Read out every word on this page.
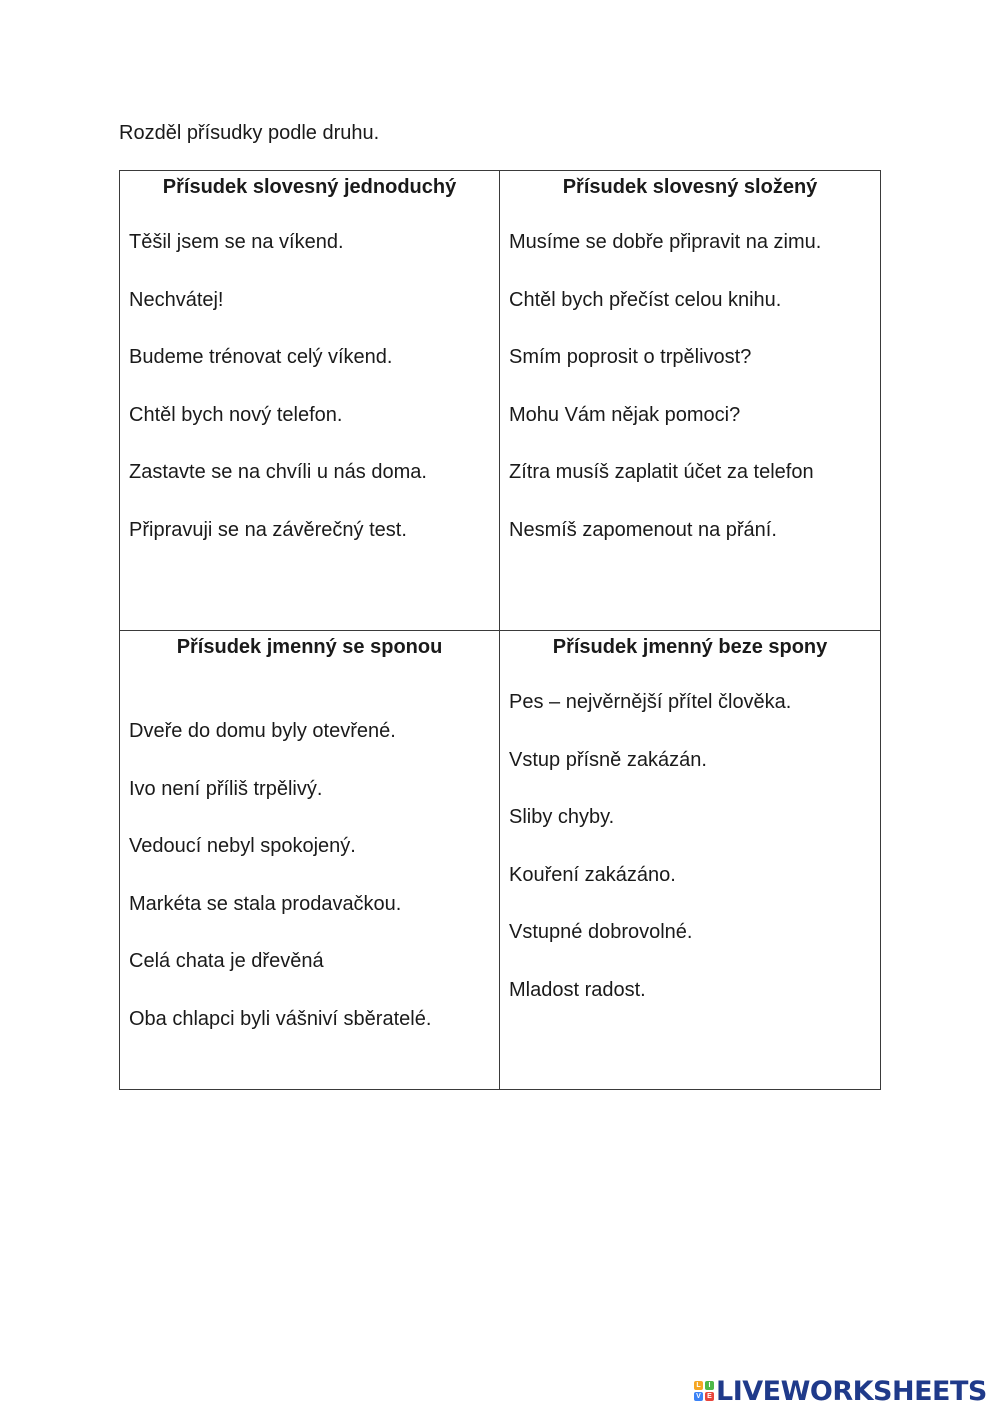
Rozděl přísudky podle druhu.
Přísudek slovesný jednoduchý
Těšil jsem se na víkend.
Nechvátej!
Budeme trénovat celý víkend.
Chtěl bych nový telefon.
Zastavte se na chvíli u nás doma.
Připravuji se na závěrečný test.
Přísudek slovesný složený
Musíme se dobře připravit na zimu.
Chtěl bych přečíst celou knihu.
Smím poprosit o trpělivost?
Mohu Vám nějak pomoci?
Zítra musíš zaplatit účet za telefon
Nesmíš zapomenout na přání.
Přísudek jmenný se sponou
Dveře do domu byly otevřené.
Ivo není příliš trpělivý.
Vedoucí nebyl spokojený.
Markéta se stala prodavačkou.
Celá chata je dřevěná
Oba chlapci byli vášniví sběratelé.
Přísudek jmenný beze spony
Pes – nejvěrnější přítel člověka.
Vstup přísně zakázán.
Sliby chyby.
Kouření zakázáno.
Vstupné dobrovolné.
Mladost radost.
L	I
V E LIVEWORKSHEETS
